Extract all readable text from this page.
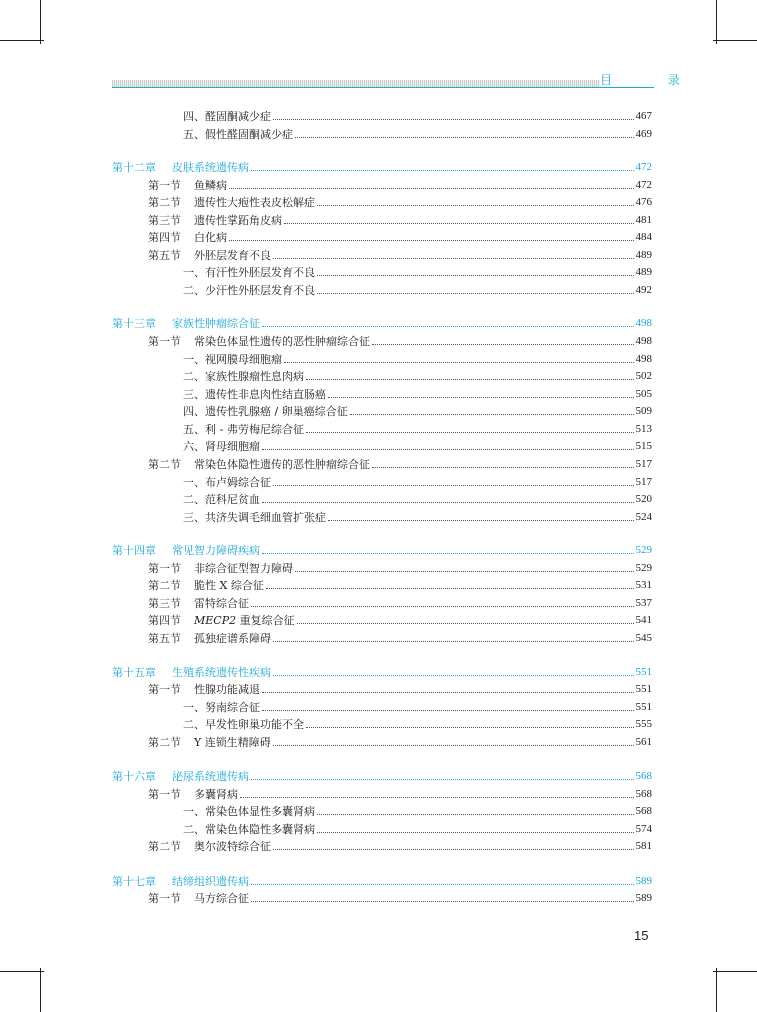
目 录
四、醛固酮减少症	467
五、假性醛固酮减少症	469
第十二章	皮肤系统遗传病	472
第一节	鱼鳞病	472
第二节	遗传性大疱性表皮松解症	476
第三节	遗传性掌跖角皮病	481
第四节	白化病	484
第五节	外胚层发育不良	489
一、有汗性外胚层发育不良	489
二、少汗性外胚层发育不良	492
第十三章	家族性肿瘤综合征	498
第一节	常染色体显性遗传的恶性肿瘤综合征	498
一、视网膜母细胞瘤	498
二、家族性腺瘤性息肉病	502
三、遗传性非息肉性结直肠癌	505
四、遗传性乳腺癌 / 卵巢癌综合征	509
五、利 - 弗劳梅尼综合征	513
六、肾母细胞瘤	515
第二节	常染色体隐性遗传的恶性肿瘤综合征	517
一、布卢姆综合征	517
二、范科尼贫血	520
三、共济失调毛细血管扩张症	524
第十四章	常见智力障碍疾病	529
第一节	非综合征型智力障碍	529
第二节	脆性 X 综合征	531
第三节	雷特综合征	537
第四节	MECP2 重复综合征	541
第五节	孤独症谱系障碍	545
第十五章	生殖系统遗传性疾病	551
第一节	性腺功能减退	551
一、努南综合征	551
二、早发性卵巢功能不全	555
第二节	Y 连锁生精障碍	561
第十六章	泌尿系统遗传病	568
第一节	多囊肾病	568
一、常染色体显性多囊肾病	568
二、常染色体隐性多囊肾病	574
第二节	奥尔波特综合征	581
第十七章	结缔组织遗传病	589
第一节	马方综合征	589
15
